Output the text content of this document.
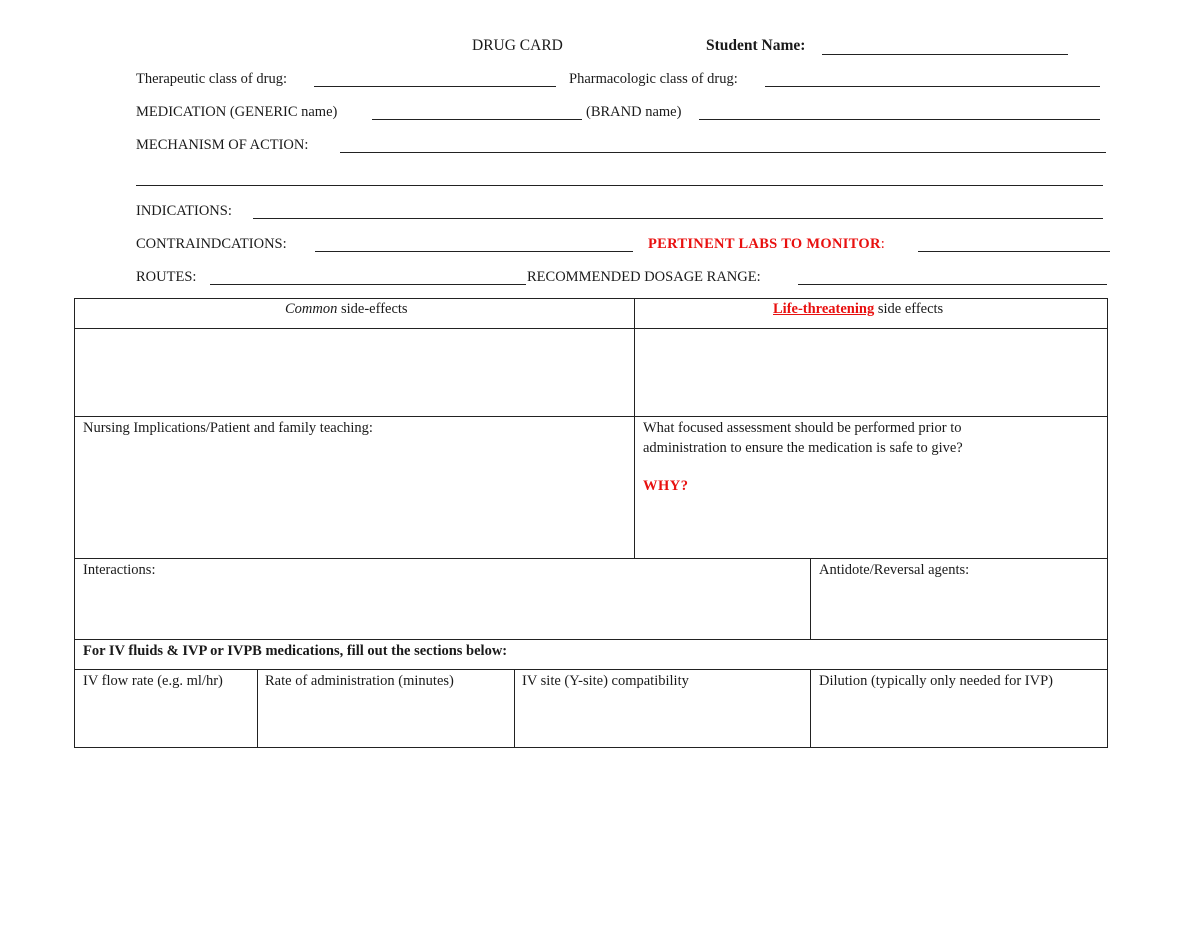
DRUG CARD	Student Name:
Therapeutic class of drug:	Pharmacologic class of drug:
MEDICATION (GENERIC name)	(BRAND name)
MECHANISM OF ACTION:
INDICATIONS:
CONTRAINDCATIONS:	PERTINENT LABS TO MONITOR:
ROUTES:	RECOMMENDED DOSAGE RANGE:
Common side-effects	Life-threatening side effects
Nursing Implications/Patient and family teaching:	What focused assessment should be performed prior to
administration to ensure the medication is safe to give?
WHY?
Interactions:	Antidote/Reversal agents:
For IV fluids & IVP or IVPB medications, fill out the sections below:
IV flow rate (e.g. ml/hr)	Rate of administration (minutes)	IV site (Y-site) compatibility	Dilution (typically only needed for IVP)
